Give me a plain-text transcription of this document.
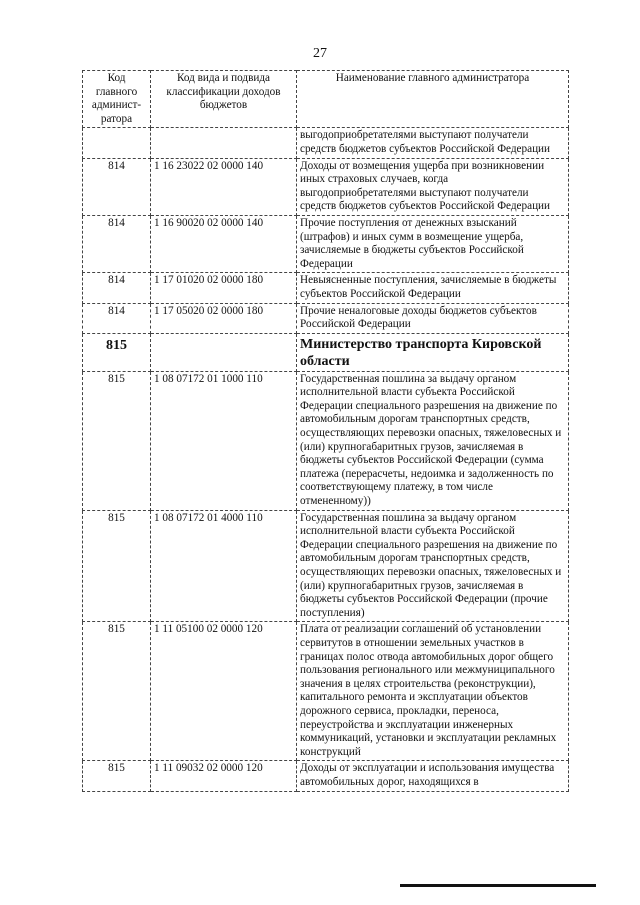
27
Код главного админист-ратора	Код вида и подвида классификации доходов бюджетов	Наименование главного администратора
		выгодоприобретателями выступают получатели средств бюджетов субъектов Российской Федерации
814	1 16 23022 02 0000 140	Доходы от возмещения ущерба при возникновении иных страховых случаев, когда выгодоприобретателями выступают получатели средств бюджетов субъектов Российской Федерации
814	1 16 90020 02 0000 140	Прочие поступления от денежных взысканий (штрафов) и иных сумм в возмещение ущерба, зачисляемые в бюджеты субъектов Российской Федерации
814	1 17 01020 02 0000 180	Невыясненные поступления, зачисляемые в бюджеты субъектов Российской Федерации
814	1 17 05020 02 0000 180	Прочие неналоговые доходы бюджетов субъектов Российской Федерации
815		Министерство транспорта Кировской области
815	1 08 07172 01 1000 110	Государственная пошлина за выдачу органом исполнительной власти субъекта Российской Федерации специального разрешения на движение по автомобильным дорогам транспортных средств, осуществляющих перевозки опасных, тяжеловесных и (или) крупногабаритных грузов, зачисляемая в бюджеты субъектов Российской Федерации (сумма платежа (перерасчеты, недоимка и задолженность по соответствующему платежу, в том числе отмененному))
815	1 08 07172 01 4000 110	Государственная пошлина за выдачу органом исполнительной власти субъекта Российской Федерации специального разрешения на движение по автомобильным дорогам транспортных средств, осуществляющих перевозки опасных, тяжеловесных и (или) крупногабаритных грузов, зачисляемая в бюджеты субъектов Российской Федерации (прочие поступления)
815	1 11 05100 02 0000 120	Плата от реализации соглашений об установлении сервитутов в отношении земельных участков в границах полос отвода автомобильных дорог общего пользования регионального или межмуниципального значения в целях строительства (реконструкции), капитального ремонта и эксплуатации объектов дорожного сервиса, прокладки, переноса, переустройства и эксплуатации инженерных коммуникаций, установки и эксплуатации рекламных конструкций
815	1 11 09032 02 0000 120	Доходы от эксплуатации и использования имущества автомобильных дорог, находящихся в
